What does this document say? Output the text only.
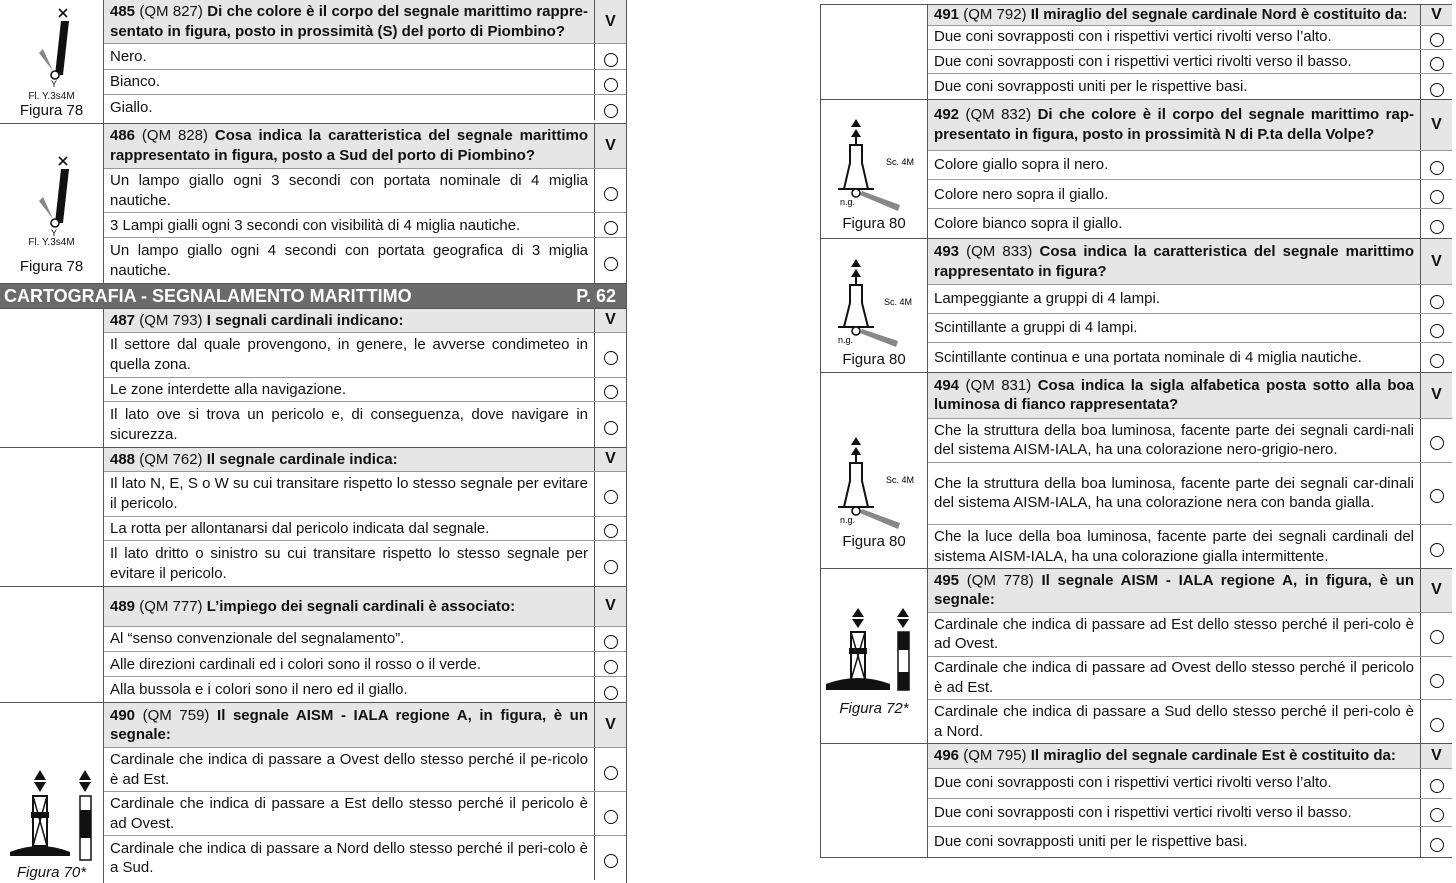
Y
Fl. Y.3s4M
Figura 78
485 (QM 827) Di che colore è il corpo del segnale marittimo rappre-sentato in figura, posto in prossimità (S) del porto di Piombino?
V
Nero.
Bianco.
Giallo.
Y
Fl. Y.3s4M
Figura 78
486 (QM 828) Cosa indica la caratteristica del segnale marittimo rappresentato in figura, posto a Sud del porto di Piombino?
V
Un lampo giallo ogni 3 secondi con portata nominale di 4 miglia nautiche.
3 Lampi gialli ogni 3 secondi con visibilità di 4 miglia nautiche.
Un lampo giallo ogni 4 secondi con portata geografica di 3 miglia nautiche.
CARTOGRAFIA - SEGNALAMENTO MARITTIMO	P. 62
487 (QM 793) I segnali cardinali indicano:	V
Il settore dal quale provengono, in genere, le avverse condimeteo in quella zona.
Le zone interdette alla navigazione.
Il lato ove si trova un pericolo e, di conseguenza, dove navigare in sicurezza.
488 (QM 762) Il segnale cardinale indica:	V
Il lato N, E, S o W su cui transitare rispetto lo stesso segnale per evitare il pericolo.
La rotta per allontanarsi dal pericolo indicata dal segnale.
Il lato dritto o sinistro su cui transitare rispetto lo stesso segnale per evitare il pericolo.
489 (QM 777) L’impiego dei segnali cardinali è associato:	V
Al “senso convenzionale del segnalamento”.
Alle direzioni cardinali ed i colori sono il rosso o il verde.
Alla bussola e i colori sono il nero ed il giallo.
Figura 70*
490 (QM 759) Il segnale AISM - IALA regione A, in figura, è un segnale:
V
Cardinale che indica di passare a Ovest dello stesso perché il pe-ricolo è ad Est.
Cardinale che indica di passare a Est dello stesso perché il pericolo è ad Ovest.
Cardinale che indica di passare a Nord dello stesso perché il peri-colo è a Sud.
491 (QM 792) Il miraglio del segnale cardinale Nord è costituito da:	V
Due coni sovrapposti con i rispettivi vertici rivolti verso l’alto.
Due coni sovrapposti con i rispettivi vertici rivolti verso il basso.
Due coni sovrapposti uniti per le rispettive basi.
Sc. 4M
n.g.
Figura 80
492 (QM 832) Di che colore è il corpo del segnale marittimo rap-presentato in figura, posto in prossimità N di P.ta della Volpe?
V
Colore giallo sopra il nero.
Colore nero sopra il giallo.
Colore bianco sopra il giallo.
Sc. 4M
n.g.
Figura 80
493 (QM 833) Cosa indica la caratteristica del segnale marittimo rappresentato in figura?
V
Lampeggiante a gruppi di 4 lampi.
Scintillante a gruppi di 4 lampi.
Scintillante continua e una portata nominale di 4 miglia nautiche.
Sc. 4M
n.g.
Figura 80
494 (QM 831) Cosa indica la sigla alfabetica posta sotto alla boa luminosa di fianco rappresentata?
V
Che la struttura della boa luminosa, facente parte dei segnali cardi-nali del sistema AISM-IALA, ha una colorazione nero-grigio-nero.
Che la struttura della boa luminosa, facente parte dei segnali car-dinali del sistema AISM-IALA, ha una colorazione nera con banda gialla.
Che la luce della boa luminosa, facente parte dei segnali cardinali del sistema AISM-IALA, ha una colorazione gialla intermittente.
Figura 72*
495 (QM 778) Il segnale AISM - IALA regione A, in figura, è un segnale:
V
Cardinale che indica di passare ad Est dello stesso perché il peri-colo è ad Ovest.
Cardinale che indica di passare ad Ovest dello stesso perché il pericolo è ad Est.
Cardinale che indica di passare a Sud dello stesso perché il peri-colo è a Nord.
496 (QM 795) Il miraglio del segnale cardinale Est è costituito da:	V
Due coni sovrapposti con i rispettivi vertici rivolti verso l’alto.
Due coni sovrapposti con i rispettivi vertici rivolti verso il basso.
Due coni sovrapposti uniti per le rispettive basi.
